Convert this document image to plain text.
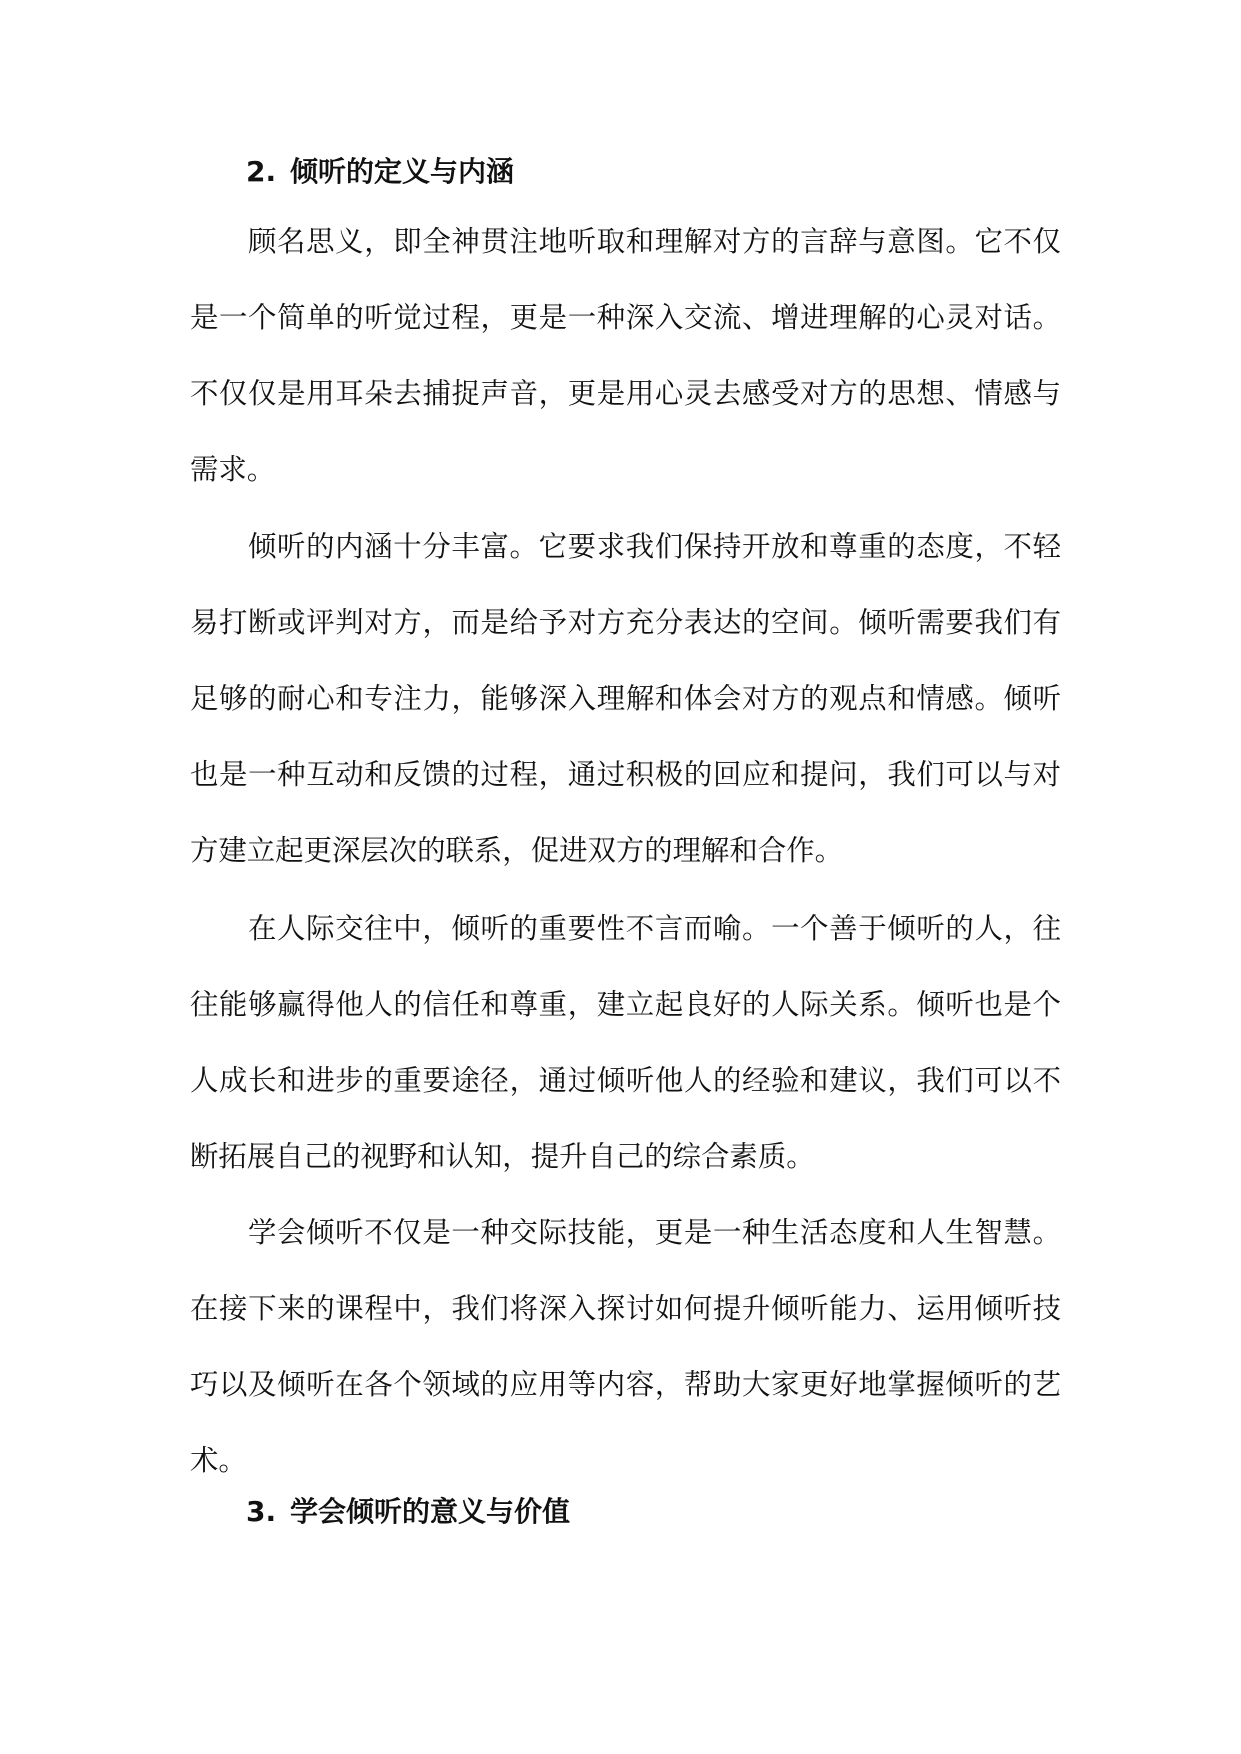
2. 倾听的定义与内涵

顾名思义，即全神贯注地听取和理解对方的言辞与意图。它不仅是一个简单的听觉过程，更是一种深入交流、增进理解的心灵对话。不仅仅是用耳朵去捕捉声音，更是用心灵去感受对方的思想、情感与需求。

倾听的内涵十分丰富。它要求我们保持开放和尊重的态度，不轻易打断或评判对方，而是给予对方充分表达的空间。倾听需要我们有足够的耐心和专注力，能够深入理解和体会对方的观点和情感。倾听也是一种互动和反馈的过程，通过积极的回应和提问，我们可以与对方建立起更深层次的联系，促进双方的理解和合作。

在人际交往中，倾听的重要性不言而喻。一个善于倾听的人，往往能够赢得他人的信任和尊重，建立起良好的人际关系。倾听也是个人成长和进步的重要途径，通过倾听他人的经验和建议，我们可以不断拓展自己的视野和认知，提升自己的综合素质。

学会倾听不仅是一种交际技能，更是一种生活态度和人生智慧。在接下来的课程中，我们将深入探讨如何提升倾听能力、运用倾听技巧以及倾听在各个领域的应用等内容，帮助大家更好地掌握倾听的艺术。

3. 学会倾听的意义与价值
